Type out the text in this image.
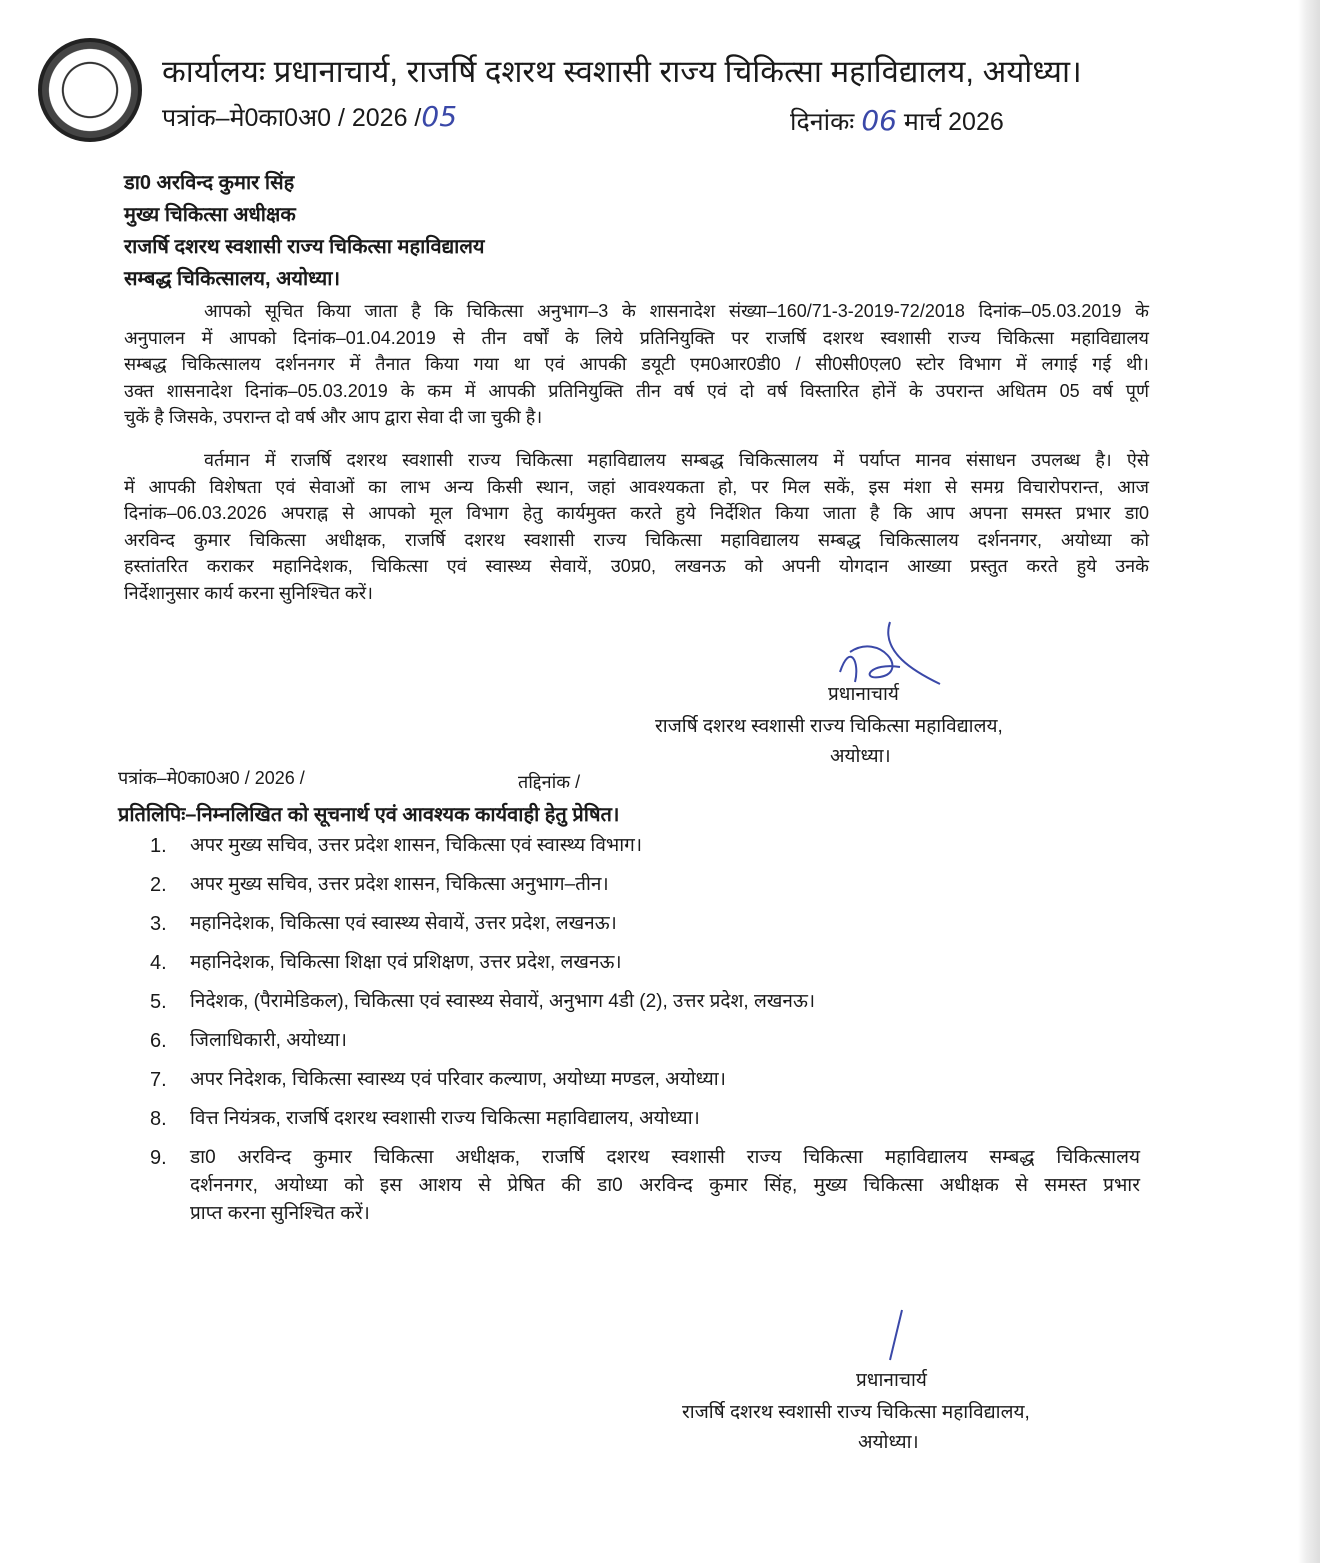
कार्यालयः प्रधानाचार्य, राजर्षि दशरथ स्वशासी राज्य चिकित्सा महाविद्यालय, अयोध्या।
पत्रांक–मे0का0अ0 / 2026 /05	दिनांकः 06 मार्च 2026
डा0 अरविन्द कुमार सिंह
मुख्य चिकित्सा अधीक्षक
राजर्षि दशरथ स्वशासी राज्य चिकित्सा महाविद्यालय
सम्बद्ध चिकित्सालय, अयोध्या।
आपको सूचित किया जाता है कि चिकित्सा अनुभाग–3 के शासनादेश संख्या–160/71-3-2019-72/2018 दिनांक–05.03.2019 के
अनुपालन में आपको दिनांक–01.04.2019 से तीन वर्षों के लिये प्रतिनियुक्ति पर राजर्षि दशरथ स्वशासी राज्य चिकित्सा महाविद्यालय
सम्बद्ध चिकित्सालय दर्शननगर में तैनात किया गया था एवं आपकी डयूटी एम0आर0डी0 / सी0सी0एल0 स्टोर विभाग में लगाई गई थी।
उक्त शासनादेश दिनांक–05.03.2019 के कम में आपकी प्रतिनियुक्ति तीन वर्ष एवं दो वर्ष विस्तारित होनें के उपरान्त अधितम 05 वर्ष पूर्ण
चुकें है जिसके, उपरान्त दो वर्ष और आप द्वारा सेवा दी जा चुकी है।
वर्तमान में राजर्षि दशरथ स्वशासी राज्य चिकित्सा महाविद्यालय सम्बद्ध चिकित्सालय में पर्याप्त मानव संसाधन उपलब्ध है। ऐसे
में आपकी विशेषता एवं सेवाओं का लाभ अन्य किसी स्थान, जहां आवश्यकता हो, पर मिल सकें, इस मंशा से समग्र विचारोपरान्त, आज
दिनांक–06.03.2026 अपराह्न से आपको मूल विभाग हेतु कार्यमुक्त करते हुये निर्देशित किया जाता है कि आप अपना समस्त प्रभार डा0
अरविन्द कुमार चिकित्सा अधीक्षक, राजर्षि दशरथ स्वशासी राज्य चिकित्सा महाविद्यालय सम्बद्ध चिकित्सालय दर्शननगर, अयोध्या को
हस्तांतरित कराकर महानिदेशक, चिकित्सा एवं स्वास्थ्य सेवायें, उ0प्र0, लखनऊ को अपनी योगदान आख्या प्रस्तुत करते हुये उनके
निर्देशानुसार कार्य करना सुनिश्चित करें।
प्रधानाचार्य
राजर्षि दशरथ स्वशासी राज्य चिकित्सा महाविद्यालय,
अयोध्या।
पत्रांक–मे0का0अ0 / 2026 /	तद्दिनांक /
प्रतिलिपिः–निम्नलिखित को सूचनार्थ एवं आवश्यक कार्यवाही हेतु प्रेषित।
1.	अपर मुख्य सचिव, उत्तर प्रदेश शासन, चिकित्सा एवं स्वास्थ्य विभाग।
2.	अपर मुख्य सचिव, उत्तर प्रदेश शासन, चिकित्सा अनुभाग–तीन।
3.	महानिदेशक, चिकित्सा एवं स्वास्थ्य सेवायें, उत्तर प्रदेश, लखनऊ।
4.	महानिदेशक, चिकित्सा शिक्षा एवं प्रशिक्षण, उत्तर प्रदेश, लखनऊ।
5.	निदेशक, (पैरामेडिकल), चिकित्सा एवं स्वास्थ्य सेवायें, अनुभाग 4डी (2), उत्तर प्रदेश, लखनऊ।
6.	जिलाधिकारी, अयोध्या।
7.	अपर निदेशक, चिकित्सा स्वास्थ्य एवं परिवार कल्याण, अयोध्या मण्डल, अयोध्या।
8.	वित्त नियंत्रक, राजर्षि दशरथ स्वशासी राज्य चिकित्सा महाविद्यालय, अयोध्या।
9.	डा0 अरविन्द कुमार चिकित्सा अधीक्षक, राजर्षि दशरथ स्वशासी राज्य चिकित्सा महाविद्यालय सम्बद्ध चिकित्सालय
दर्शननगर, अयोध्या को इस आशय से प्रेषित की डा0 अरविन्द कुमार सिंह, मुख्य चिकित्सा अधीक्षक से समस्त प्रभार
प्राप्त करना सुनिश्चित करें।
प्रधानाचार्य
राजर्षि दशरथ स्वशासी राज्य चिकित्सा महाविद्यालय,
अयोध्या।
